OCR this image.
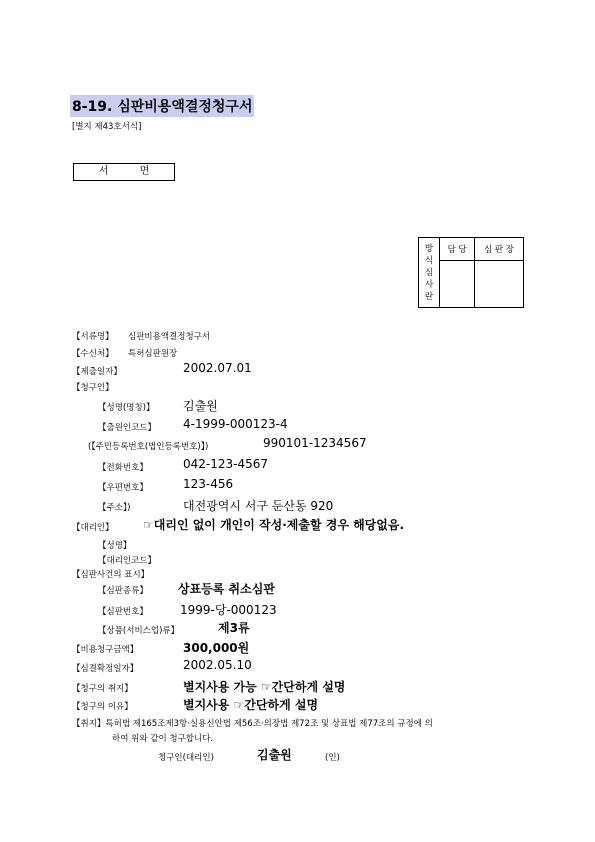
8-19. 심판비용액결정청구서
[별지 제43호서식]
서 면
방
식
심
사
란	담 당	심 판 장

【서류명】 심판비용액결정청구서
【수신처】 특허심판원장
【제출일자】	2002.07.01
【청구인】
【성명(명칭)】 김출원
【출원인코드】 4-1999-000123-4
(【주민등록번호(법인등록번호)】)	990101-1234567
【전화번호】	042-123-4567
【우편번호】	123-456
【주소】)	대전광역시 서구 둔산동 920
【대리인】 ☞대리인 없이 개인이 작성·제출할 경우 해당없음.
【성명】
【대리인코드】
【심판사건의 표시】
【심판종류】	상표등록 취소심판
【심판번호】	1999-당-000123
【상품(서비스업)류】	제3류
【비용청구금액】	300,000원
【심결확정일자】	2002.05.10
【청구의 취지】	별지사용 가능 ☞간단하게 설명
【청구의 이유】	별지사용 ☞간단하게 설명
【취지】특허법 제165조제3항·실용신안법 제56조·의장법 제72조 및 상표법 제77조의 규정에 의
하여 위와 같이 청구합니다.
청구인(대리인)	김출원	(인)
